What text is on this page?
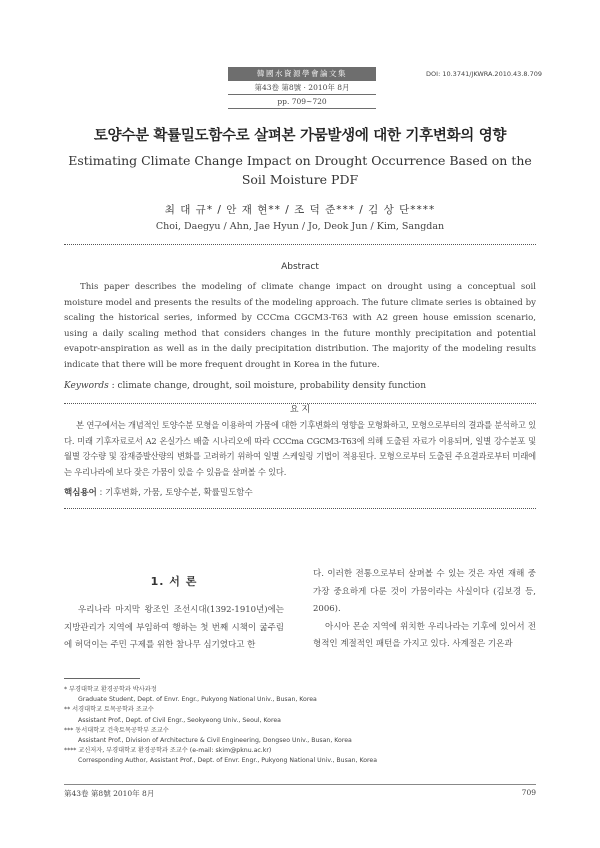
韓國水資源學會論文集
第43卷 第8號 · 2010年 8月
pp. 709~720
DOI: 10.3741/JKWRA.2010.43.8.709
토양수분 확률밀도함수로 살펴본 가뭄발생에 대한 기후변화의 영향
Estimating Climate Change Impact on Drought Occurrence Based on the
Soil Moisture PDF
최 대 규* / 안 재 현** / 조 덕 준*** / 김 상 단****
Choi, Daegyu / Ahn, Jae Hyun / Jo, Deok Jun / Kim, Sangdan
Abstract
This paper describes the modeling of climate change impact on drought using a conceptual soil moisture model and presents the results of the modeling approach. The future climate series is obtained by scaling the historical series, informed by CCCma CGCM3-T63 with A2 green house emission scenario, using a daily scaling method that considers changes in the future monthly precipitation and potential evapotr-anspiration as well as in the daily precipitation distribution. The majority of the modeling results indicate that there will be more frequent drought in Korea in the future.
Keywords : climate change, drought, soil moisture, probability density function
요 지
본 연구에서는 개념적인 토양수분 모형을 이용하여 가뭄에 대한 기후변화의 영향을 모형화하고, 모형으로부터의 결과를 분석하고 있다. 미래 기후자료로서 A2 온실가스 배출 시나리오에 따라 CCCma CGCM3-T63에 의해 도출된 자료가 이용되며, 일별 강수분포 및 월별 강수량 및 잠재증발산량의 변화를 고려하기 위하여 일별 스케일링 기법이 적용된다. 모형으로부터 도출된 주요결과로부터 미래에는 우리나라에 보다 잦은 가뭄이 있을 수 있음을 살펴볼 수 있다.
핵심용어 : 기후변화, 가뭄, 토양수분, 확률밀도함수
1. 서 론
우리나라 마지막 왕조인 조선시대(1392-1910년)에는 지방관리가 지역에 부임하여 행하는 첫 번째 시책이 굶주림에 허덕이는 주민 구제를 위한 참나무 심기였다고 한

다. 이러한 전통으로부터 살펴볼 수 있는 것은 자연 재해 중 가장 중요하게 다룬 것이 가뭄이라는 사실이다 (김보경 등, 2006).

아시아 몬순 지역에 위치한 우리나라는 기후에 있어서 전형적인 계절적인 패턴을 가지고 있다. 사계절은 기온과

* 부경대학교 환경공학과 박사과정
Graduate Student, Dept. of Envr. Engr., Pukyong National Univ., Busan, Korea
** 서경대학교 토목공학과 조교수
Assistant Prof., Dept. of Civil Engr., Seokyeong Univ., Seoul, Korea
*** 동서대학교 건축토목공학부 조교수
Assistant Prof., Division of Architecture & Civil Engineering, Dongseo Univ., Busan, Korea
**** 교신저자, 부경대학교 환경공학과 조교수 (e-mail: skim@pknu.ac.kr)
Corresponding Author, Assistant Prof., Dept. of Envr. Engr., Pukyong National Univ., Busan, Korea
第43卷 第8號 2010年 8月	709
